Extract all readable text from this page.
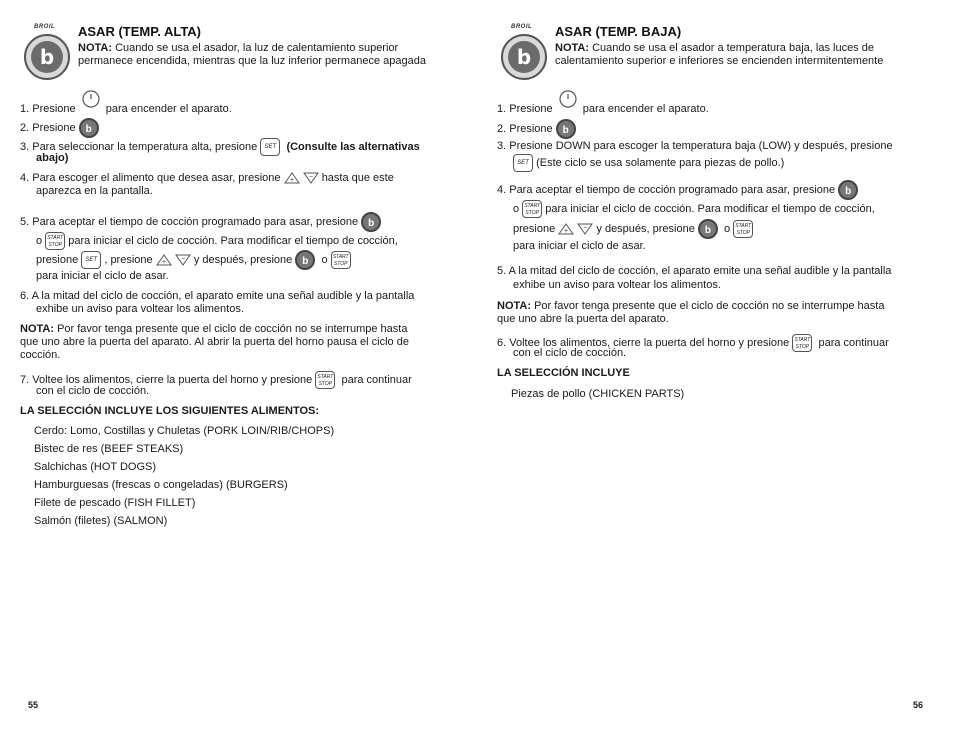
BROIL
b
ASAR (TEMP. ALTA)
NOTA: Cuando se usa el asador, la luz de calentamiento superior
permanece encendida, mientras que la luz inferior permanece apagada
1. Presione	para encender el aparato.
2. Presione b
3. Para seleccionar la temperatura alta, presione SET (Consulte las alternativas
abajo)
4. Para escoger el alimento que desea asar, presione +
− hasta que este
aparezca en la pantalla.
5. Para aceptar el tiempo de cocción programado para asar, presione b
o START
STOP para iniciar el ciclo de cocción. Para modificar el tiempo de cocción,
presione SET , presione +
− y después, presione b o START
STOP
para iniciar el ciclo de asar.
6. A la mitad del ciclo de cocción, el aparato emite una señal audible y la pantalla
exhibe un aviso para voltear los alimentos.
NOTA: Por favor tenga presente que el ciclo de cocción no se interrumpe hasta
que uno abre la puerta del aparato. Al abrir la puerta del horno pausa el ciclo de
cocción.
7. Voltee los alimentos, cierre la puerta del horno y presione START
STOP para continuar
con el ciclo de cocción.
LA SELECCIÓN INCLUYE LOS SIGUIENTES ALIMENTOS:
Cerdo: Lomo, Costillas y Chuletas (PORK LOIN/RIB/CHOPS)
Bistec de res (BEEF STEAKS)
Salchichas (HOT DOGS)
Hamburguesas (frescas o congeladas) (BURGERS)
Filete de pescado (FISH FILLET)
Salmón (filetes) (SALMON)
55
BROIL
b
ASAR (TEMP. BAJA)
NOTA: Cuando se usa el asador a temperatura baja, las luces de
calentamiento superior e inferiores se encienden intermitentemente
1. Presione	para encender el aparato.
2. Presione b
3. Presione DOWN para escoger la temperatura baja (LOW) y después, presione
SET (Este ciclo se usa solamente para piezas de pollo.)
4. Para aceptar el tiempo de cocción programado para asar, presione b
o START
STOP para iniciar el ciclo de cocción. Para modificar el tiempo de cocción,
presione +
− y después, presione b o START
STOP
para iniciar el ciclo de asar.
5. A la mitad del ciclo de cocción, el aparato emite una señal audible y la pantalla
exhibe un aviso para voltear los alimentos.
NOTA: Por favor tenga presente que el ciclo de cocción no se interrumpe hasta
que uno abre la puerta del aparato.
6. Voltee los alimentos, cierre la puerta del horno y presione START
STOP para continuar
con el ciclo de cocción.
LA SELECCIÓN INCLUYE
Piezas de pollo (CHICKEN PARTS)
56
